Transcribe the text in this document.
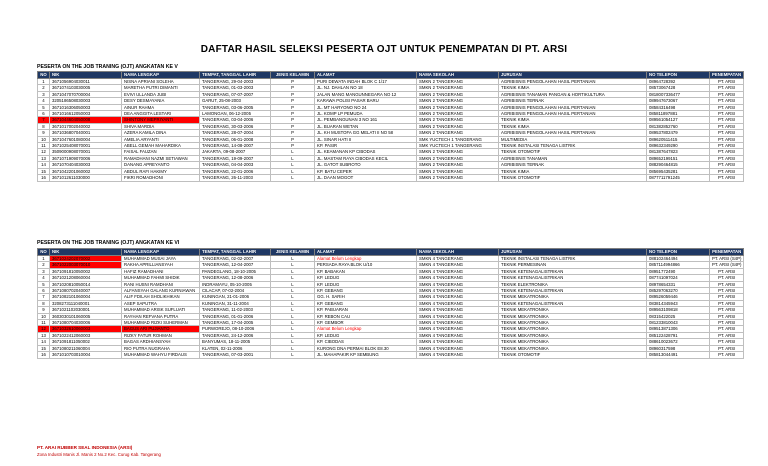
DAFTAR HASIL SELEKSI PESERTA OJT UNTUK PENEMPATAN DI PT. ARSI
PESERTA ON THE JOB TRANING (OJT) ANGKATAN KE V
NO	NIK	NAMA LENGKAP	TEMPAT, TANGGAL LAHIR	JENIS KELAMIN	ALAMAT	NAMA SEKOLAH	JURUSAN	NO TELEPON	PENEMPATAN
1	3671056904030011	NISNA APRIANI SOLEHA	TANGERANG, 29-04-2003	P	PURI DEWATA INDAH BLOK C 1/17	SMKN 2 TANGERANG	AGRIBISNIS PENGOLAHAN HASIL PERTANIAN	08964728392	PT. ARSI
2	3671074103030005	MARETHA PUTRI DIMANTI	TANGERANG, 01-03-2003	P	JL. NJ. DAHLAN NO 18	SMKN 2 TANGERANG	TEKNIK KIMIA	08573067428	PT. ARSI
3	3671047070700004	EVIVI ULLANDA JUBI	TANGERANG, 07-07-2007	P	JALAN MANG MANGUNNEGARA NO 12	SMKN 2 TANGERANG	AGRIBISNIS TANAMAN PANGAN & HORTIKULTURA	0818007336477	PT. ARSI
4	3205186508030003	DESY DESMAYANIA	GARUT, 25-08-2003	P	KARAWA POLISI PASAR BARU	SMKN 2 TANGERANG	AGRIBISNIS TERNAK	089947673067	PT. ARSI
5	3671016306050003	AINUR RAHMA	TANGERANG, 03-06-2005	P	JL. MT HARYONO NO 24	SMKN 2 TANGERANG	AGRIBISNIS PENGOLAHAN HASIL PERTANIAN	08584316498	PT. ARSI
6	3671016612050003	DEA ANGGITA LESTARI	LAMONGAN, 06-12-2005	P	JL. KOMP LP PEMUDA	SMKN 2 TANGERANG	AGRIBISNIS PENGOLAHAN HASIL PERTANIAN	085811897881	PT. ARSI
7	3671044604050008	SHINTONY MEPRIYANTI	TANGERANG, 03-04-2006	P	JL. PEMBANGUNAN 3 NO 161	SMKN 2 TANGERANG	TEKNIK KIMIA	089561054127	PT. ARSI
8	3671017002040002	SHIVA MARDIA	TANGERANG, 30-03-2006	P	JL. BUARAN WETAN	SMKN 2 TANGERANG	TEKNIK KIMIA	081382852760	PT. ARSI
9	3671036807040001	AZERA KAMILA DINA	TANGERANG, 28-07-2004	P	JL. KH MUSTOFA GG MELATI II NO 58	SMKN 2 TANGERANG	AGRIBISNIS PENGOLAHAN HASIL PERTANIAN	089537802479	PT. ARSI
10	3671047601080004	AMELIA ARYANTI	TANGERANG, 06-01-2008	P	JL. SINAR HATI II	SMK YUCTECH 1 TANGERANG	MULTIMEDIA	089620511415	PT. ARSI
11	3671025408070001	ABELL GEMAH MAHARDIKA	TANGERANG, 14-08-2007	P	KP. PASIR	SMK YUCTECH 1 TANGERANG	TEKNIK INSTALASI TENAGA LISTRIK	089632349290	PT. ARSI
12	3509000908070001	FAISAL FAUZAN	JAKARTA, 09-08-2007	L	JL. KEAMANAN KP CIBODAS	SMKN 2 TANGERANG	TEKNIK OTOMOTIF	081387647823	PT. ARSI
13	3671071909070006	RAMADHANI NAZMI SETIAWAN	TANGERANG, 19-09-2007	L	JL. MASTAM RAYA CIBODAS KECIL	SMKN 2 TANGERANG	AGRIBISNIS TANAMAN	089652199151	PT. ARSI
14	3671070404030003	DANANG APREYANTO	TANGERANG, 04-04-2003	L	JL. GATOT SUBROTO	SMKN 2 TANGERANG	AGRIBISNIS TERNAK	088290464815	PT. ARSI
15	3671042201060002	ABDUL RAFI HAKIMY	TANGERANG, 22-01-2006	L	KP. BATU CEPER	SMKN 2 TANGERANG	TEKNIK KIMIA	085695435281	PT. ARSI
16	3671012611030000	FIKRI ROMADHONI	TANGERANG, 26-11-2003	L	JL. DAAN MOGOT	SMKN 2 TANGERANG	TEKNIK OTOMOTIF	0877711791245	PT. ARSI
PESERTA ON THE JOB TRANING (OJT) ANGKATAN KE VI
NO	NIK	NAMA LENGKAP	TEMPAT, TANGGAL LAHIR	JENIS KELAMIN	ALAMAT	NAMA SEKOLAH	JURUSAN	NO TELEPON	PENEMPATAN
1	3671024202070002	MUHAMMAD MUSAI JAYA	TANGERANG, 02-02-2007	L	Alamat Belum Lengkap	SMKN 4 TANGERANG	TEKNIK INSTALASI TENAGA LISTRIK	088102464494	PT. ARSI (S4P)
2	3671022003070010	RAKHA APRILLIANSYAH	TANGERANG, 12-04-2007	L	PERSADA RAYA BLOK U/10	SMKN 4 TANGERANG	TEKNIK PERMESINAN	0857114994866	PT. ARSI (S4P)
3	3671091810050002	HAFIZ RAMADHANI	PANDEGLANG, 18-10-2005	L	KP. BABAKAN	SMKN 4 TANGERANG	TEKNIK KETENAGALISTRIKAN	08951772490	PT. ARSI
4	3671021208060004	MUHAMMAD FAHMI SHIDIK	TANGERANG, 12-08-2006	L	KP. LEDUG	SMKN 4 TANGERANG	TEKNIK KETENAGALISTRIKAN	087741097024	PT. ARSI
5	3671020810050014	RANI HUSNI RAMDHANI	INDRAMAYU, 05-10-2005	L	KP. LEDUG	SMKN 4 TANGERANG	TEKNIK ELEKTRONIKA	08978654331	PT. ARSI
6	3671080702040007	ALFANSYAH GALANG KURNIAWAN	CILACAP, 07-02-2004	L	KP. GEBANG	SMKN 4 TANGERANG	TEKNIK KETENAGALISTRIKAN	085297063270	PT. ARSI
7	3671082101060004	ALIF FDILAH SHOLIKHIKAN	KUNINGAN, 21-01-2006	L	GG. H. SARIH	SMKN 4 TANGERANG	TEKNIK MEKATRONIKA	089526059446	PT. ARSI
8	3208273111040001	ASEP SAPUTRA	KUNINGAN, 31-11-2004	L	KP. GEBANG	SMKN 4 TANGERANG	TEKNIK KETENAGALISTRIKAN	083814345943	PT. ARSI
9	3671021102030001	MUHAMMAD ARISK SUFLUATI	TANGERANG, 11-02-2003	L	KP. PABUARAN	SMKN 4 TANGERANG	TEKNIK MEKATRONIKA	089563109818	PT. ARSI
10	3603030101060005	RAYHAN REFVANA PUTRA	TANGERANG, 01-01-2006	L	KP. REBON CAU	SMKN 4 TANGERANG	TEKNIK MEKATRONIKA	08315422025	PT. ARSI
11	3671080704030006	MUHAMMAD RIZKI SUHERMAN	TANGERANG, 17-04-2005	L	KP. GEMBOR	SMKN 4 TANGERANG	TEKNIK MEKATRONIKA	081233810043	PT. ARSI
12	3671032610060003	BAGUS ARI PUJIANTO	PURWOREJO, 08-10-2006	L	Alamat Belum Lengkap	SMKN 4 TANGERANG	TEKNIK MEKATRONIKA	089513871306	PT. ARSI
13	3671022412060003	RIZKY FATUR ROHMAN	TANGERANG, 24-12-2006	L	KP. LEDUG	SMKN 4 TANGERANG	TEKNIK MEKATRONIKA	085122428791	PT. ARSI
14	3671091811050002	BAGAS ARDHIANSYAH	BANYUMAS, 18-11-2005	L	KP. CIBODAS	SMKN 4 TANGERANG	TEKNIK MEKATRONIKA	088610023672	PT. ARSI
15	3671080211060004	RIO PUTRA NUGRAHA	KLATEN, 02-11-2006	L	KURONG DNA PERMAI BLOK E8.30	SMKN 4 TANGERANG	TEKNIK MEKATRONIKA	08960317598	PT. ARSI
16	3671010703010004	MUHAMMAD WAHYU FIRDAUS	TANGERANG, 07-03-2001	L	JL. MAHAPAKIR KP SEMBUNG	SMKN 4 TANGERANG	TEKNIK OTOMOTIF	085813044491	PT. ARSI
PT. ARAI RUBBER SEAL INDONESIA (ARSI)
Zona Industri Manis Jl. Manis 2 No.2 Kec. Curug Kab. Tangerang
